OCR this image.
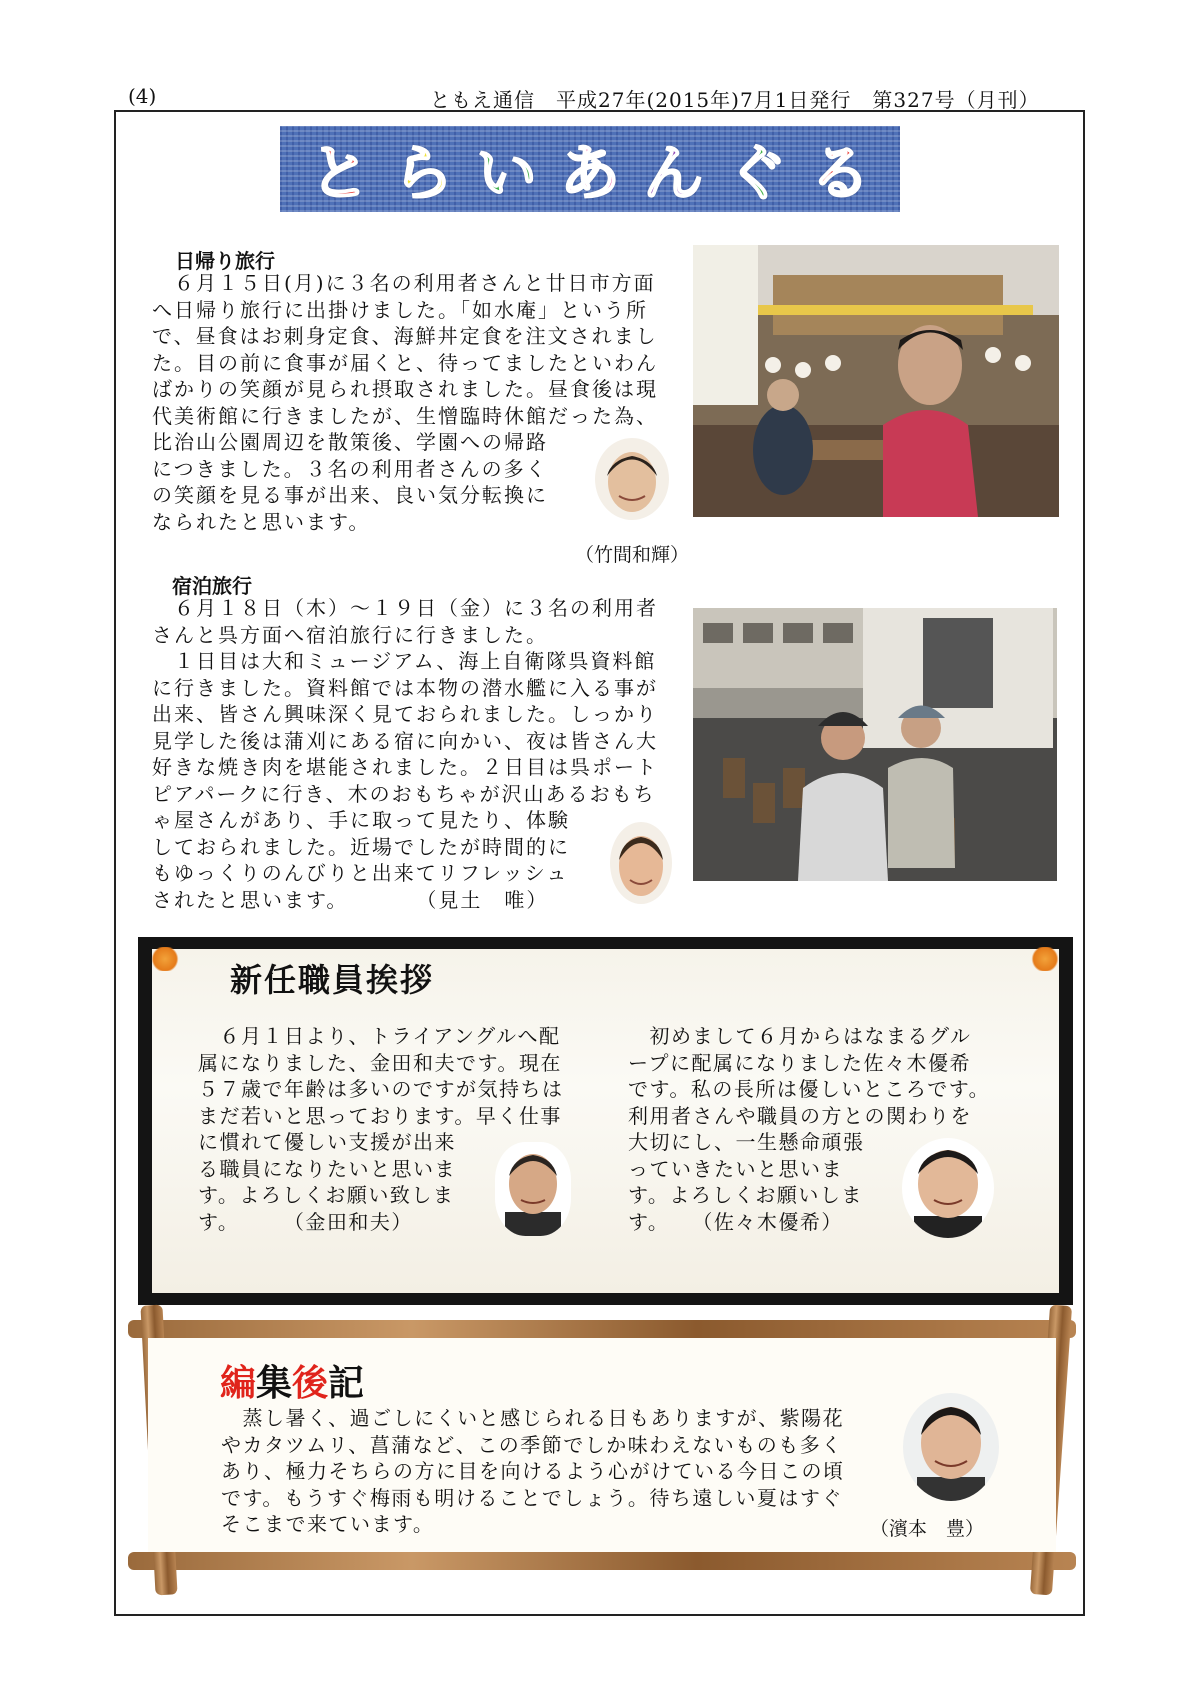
(4)	ともえ通信　平成27年(2015年)7月1日発行　第327号（月刊）
と ら い あ ん ぐ る
日帰り旅行
　６月１５日(月)に３名の利用者さんと廿日市方面
へ日帰り旅行に出掛けました。「如水庵」という所
で、昼食はお刺身定食、海鮮丼定食を注文されまし
た。目の前に食事が届くと、待ってましたといわん
ばかりの笑顔が見られ摂取されました。昼食後は現
代美術館に行きましたが、生憎臨時休館だった為、
比治山公園周辺を散策後、学園への帰路
につきました。３名の利用者さんの多く
の笑顔を見る事が出来、良い気分転換に
なられたと思います。
（竹間和輝）
宿泊旅行
　６月１８日（木）～１９日（金）に３名の利用者
さんと呉方面へ宿泊旅行に行きました。
　１日目は大和ミュージアム、海上自衛隊呉資料館
に行きました。資料館では本物の潜水艦に入る事が
出来、皆さん興味深く見ておられました。しっかり
見学した後は蒲刈にある宿に向かい、夜は皆さん大
好きな焼き肉を堪能されました。２日目は呉ポート
ピアパークに行き、木のおもちゃが沢山あるおもち
ゃ屋さんがあり、手に取って見たり、体験
しておられました。近場でしたが時間的に
もゆっくりのんびりと出来てリフレッシュ
されたと思います。　　　　（見土　唯）
新任職員挨拶
　６月１日より、トライアングルへ配
属になりました、金田和夫です。現在
５７歳で年齢は多いのですが気持ちは
まだ若いと思っております。早く仕事
に慣れて優しい支援が出来
る職員になりたいと思いま
す。よろしくお願い致しま
す。　　　（金田和夫）
　初めまして６月からはなまるグル
ープに配属になりました佐々木優希
です。私の長所は優しいところです。
利用者さんや職員の方との関わりを
大切にし、一生懸命頑張
っていきたいと思いま
す。よろしくお願いしま
す。　　（佐々木優希）
編集後記
　蒸し暑く、過ごしにくいと感じられる日もありますが、紫陽花
やカタツムリ、菖蒲など、この季節でしか味わえないものも多く
あり、極力そちらの方に目を向けるよう心がけている今日この頃
です。もうすぐ梅雨も明けることでしょう。待ち遠しい夏はすぐ
そこまで来ています。	（濱本　豊）
